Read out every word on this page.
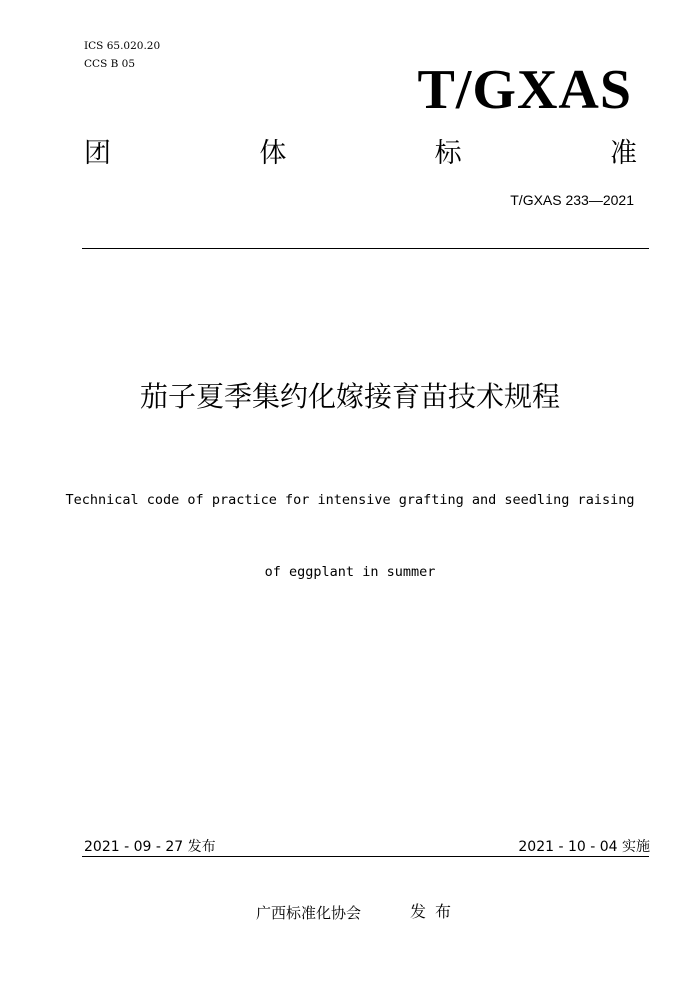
ICS 65.020.20
CCS B 05	T/GXAS
团	体	标	准
T/GXAS 233—2021
茄子夏季集约化嫁接育苗技术规程

Technical code of practice for intensive grafting and seedling raising

of eggplant in summer

2021 - 09 - 27 发布	2021 - 10 - 04 实施
广西标准化协会	发布
